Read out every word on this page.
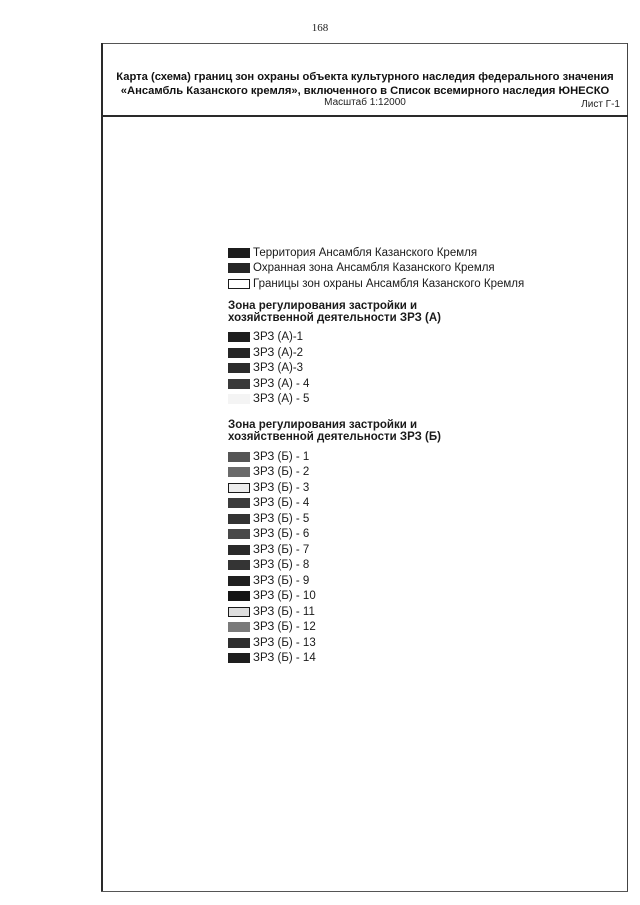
168
Карта (схема) границ зон охраны объекта культурного наследия федерального значения
«Ансамбль Казанского кремля», включенного в Список всемирного наследия ЮНЕСКО
Масштаб 1:12000	Лист Г-1
Территория Ансамбля Казанского Кремля
Охранная зона Ансамбля Казанского Кремля
Границы зон охраны Ансамбля Казанского Кремля
Зона регулирования застройки и
хозяйственной деятельности ЗРЗ (А)
ЗРЗ (А)-1
ЗРЗ (А)-2
ЗРЗ (А)-3
ЗРЗ (А) - 4
ЗРЗ (А) - 5
Зона регулирования застройки и
хозяйственной деятельности ЗРЗ (Б)
ЗРЗ (Б) - 1
ЗРЗ (Б) - 2
ЗРЗ (Б) - 3
ЗРЗ (Б) - 4
ЗРЗ (Б) - 5
ЗРЗ (Б) - 6
ЗРЗ (Б) - 7
ЗРЗ (Б) - 8
ЗРЗ (Б) - 9
ЗРЗ (Б) - 10
ЗРЗ (Б) - 11
ЗРЗ (Б) - 12
ЗРЗ (Б) - 13
ЗРЗ (Б) - 14
